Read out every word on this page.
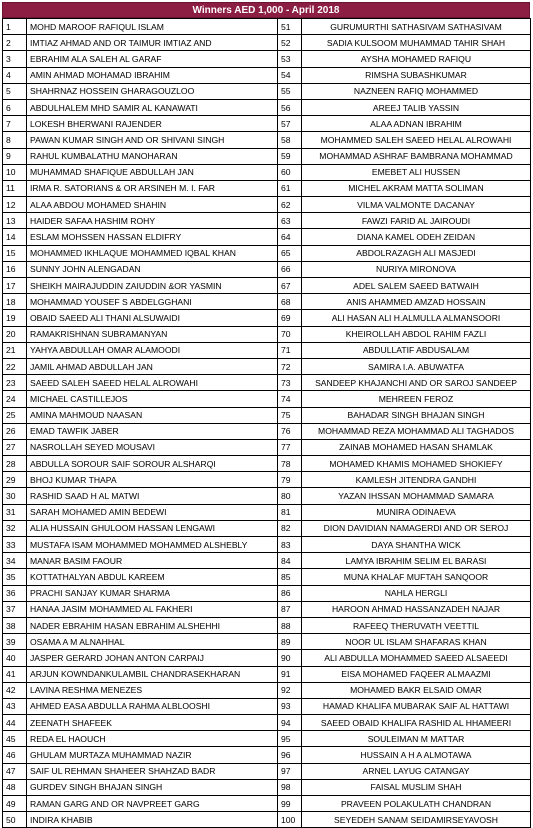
Winners AED 1,000 - April 2018
1	MOHD MAROOF RAFIQUL ISLAM	51	GURUMURTHI SATHASIVAM SATHASIVAM
2	IMTIAZ AHMAD AND OR TAIMUR IMTIAZ AND	52	SADIA KULSOOM MUHAMMAD TAHIR SHAH
3	EBRAHIM ALA SALEH AL GARAF	53	AYSHA MOHAMED RAFIQU
4	AMIN AHMAD MOHAMAD IBRAHIM	54	RIMSHA SUBASHKUMAR
5	SHAHRNAZ HOSSEIN GHARAGOUZLOO	55	NAZNEEN RAFIQ MOHAMMED
6	ABDULHALEM MHD SAMIR AL KANAWATI	56	AREEJ TALIB YASSIN
7	LOKESH BHERWANI RAJENDER	57	ALAA ADNAN IBRAHIM
8	PAWAN KUMAR SINGH AND OR SHIVANI SINGH	58	MOHAMMED SALEH SAEED HELAL ALROWAHI
9	RAHUL KUMBALATHU MANOHARAN	59	MOHAMMAD ASHRAF BAMBRANA MOHAMMAD
10	MUHAMMAD SHAFIQUE ABDULLAH JAN	60	EMEBET ALI HUSSEN
11	IRMA R. SATORIANS & OR ARSINEH M. I. FAR	61	MICHEL AKRAM MATTA SOLIMAN
12	ALAA ABDOU MOHAMED SHAHIN	62	VILMA VALMONTE DACANAY
13	HAIDER SAFAA HASHIM ROHY	63	FAWZI FARID AL JAIROUDI
14	ESLAM MOHSSEN HASSAN ELDIFRY	64	DIANA KAMEL ODEH ZEIDAN
15	MOHAMMED IKHLAQUE MOHAMMED IQBAL KHAN	65	ABDOLRAZAGH ALI MASJEDI
16	SUNNY JOHN ALENGADAN	66	NURIYA MIRONOVA
17	SHEIKH MAIRAJUDDIN ZAIUDDIN &OR YASMIN	67	ADEL SALEM SAEED BATWAIH
18	MOHAMMAD YOUSEF S ABDELGGHANI	68	ANIS AHAMMED AMZAD HOSSAIN
19	OBAID SAEED ALI THANI ALSUWAIDI	69	ALI HASAN ALI H.ALMULLA ALMANSOORI
20	RAMAKRISHNAN SUBRAMANYAN	70	KHEIROLLAH ABDOL RAHIM FAZLI
21	YAHYA ABDULLAH OMAR ALAMOODI	71	ABDULLATIF ABDUSALAM
22	JAMIL AHMAD ABDULLAH JAN	72	SAMIRA I.A. ABUWATFA
23	SAEED SALEH SAEED HELAL ALROWAHI	73	SANDEEP KHAJANCHI AND OR SAROJ SANDEEP
24	MICHAEL CASTILLEJOS	74	MEHREEN FEROZ
25	AMINA MAHMOUD NAASAN	75	BAHADAR SINGH BHAJAN SINGH
26	EMAD TAWFIK JABER	76	MOHAMMAD REZA MOHAMMAD ALI TAGHADOS
27	NASROLLAH SEYED MOUSAVI	77	ZAINAB MOHAMED HASAN SHAMLAK
28	ABDULLA SOROUR SAIF SOROUR ALSHARQI	78	MOHAMED KHAMIS MOHAMED SHOKIEFY
29	BHOJ KUMAR THAPA	79	KAMLESH JITENDRA GANDHI
30	RASHID SAAD H AL MATWI	80	YAZAN IHSSAN MOHAMMAD SAMARA
31	SARAH MOHAMED AMIN BEDEWI	81	MUNIRA ODINAEVA
32	ALIA HUSSAIN GHULOOM HASSAN LENGAWI	82	DION DAVIDIAN NAMAGERDI AND OR SEROJ
33	MUSTAFA ISAM MOHAMMED MOHAMMED ALSHEBLY	83	DAYA SHANTHA WICK
34	MANAR BASIM FAOUR	84	LAMYA IBRAHIM SELIM EL BARASI
35	KOTTATHALYAN ABDUL KAREEM	85	MUNA KHALAF MUFTAH SANQOOR
36	PRACHI SANJAY KUMAR SHARMA	86	NAHLA HERGLI
37	HANAA JASIM MOHAMMED AL FAKHERI	87	HAROON AHMAD HASSANZADEH NAJAR
38	NADER EBRAHIM HASAN EBRAHIM ALSHEHHI	88	RAFEEQ THERUVATH VEETTIL
39	OSAMA A M ALNAHHAL	89	NOOR UL ISLAM SHAFARAS KHAN
40	JASPER GERARD JOHAN ANTON CARPAIJ	90	ALI ABDULLA MOHAMMED SAEED ALSAEEDI
41	ARJUN KOWNDANKULAMBIL CHANDRASEKHARAN	91	EISA MOHAMED FAQEER ALMAAZMI
42	LAVINA RESHMA MENEZES	92	MOHAMED BAKR ELSAID OMAR
43	AHMED EASA ABDULLA RAHMA ALBLOOSHI	93	HAMAD KHALIFA MUBARAK SAIF AL HATTAWI
44	ZEENATH SHAFEEK	94	SAEED OBAID KHALIFA RASHID AL HHAMEERI
45	REDA EL HAOUCH	95	SOULEIMAN M MATTAR
46	GHULAM MURTAZA MUHAMMAD NAZIR	96	HUSSAIN A H A ALMOTAWA
47	SAIF UL REHMAN SHAHEER SHAHZAD BADR	97	ARNEL LAYUG CATANGAY
48	GURDEV SINGH BHAJAN SINGH	98	FAISAL MUSLIM SHAH
49	RAMAN GARG AND OR NAVPREET GARG	99	PRAVEEN POLAKULATH CHANDRAN
50	INDIRA KHABIB	100	SEYEDEH SANAM SEIDAMIRSEYAVOSH
